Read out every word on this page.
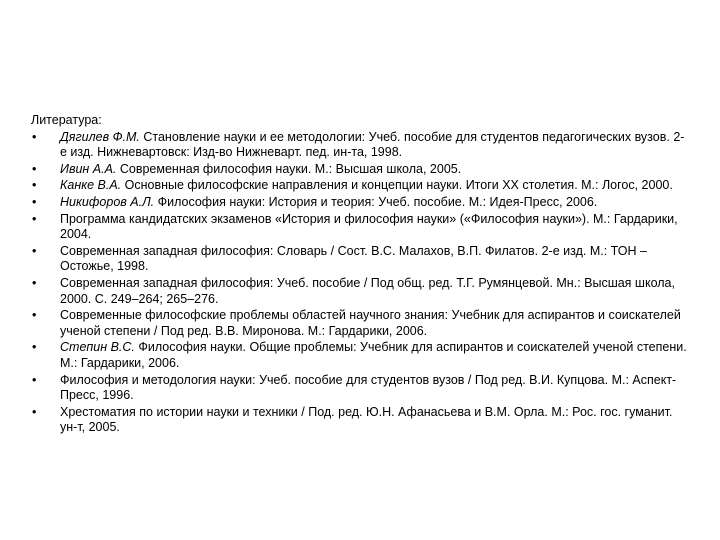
Литература:
• Дягилев Ф.М. Становление науки и ее методологии: Учеб. пособие для студентов педагогических вузов. 2-е изд. Нижневартовск: Изд-во Нижневарт. пед. ин-та, 1998.
• Ивин А.А. Современная философия науки. М.: Высшая школа, 2005.
• Канке В.А. Основные философские направления и концепции науки. Итоги XX столетия. М.: Логос, 2000.
• Никифоров А.Л. Философия науки: История и теория: Учеб. пособие. М.: Идея-Пресс, 2006.
• Программа кандидатских экзаменов «История и философия науки» («Философия науки»). М.: Гардарики, 2004.
• Современная западная философия: Словарь / Сост. В.С. Малахов, В.П. Филатов. 2-е изд. М.: ТОН – Остожье, 1998.
• Современная западная философия: Учеб. пособие / Под общ. ред. Т.Г. Румянцевой. Мн.: Высшая школа, 2000. С. 249–264; 265–276.
• Современные философские проблемы областей научного знания: Учебник для аспирантов и соискателей ученой степени / Под ред. В.В. Миронова. М.: Гардарики, 2006.
• Степин В.С. Философия науки. Общие проблемы: Учебник для аспирантов и соискателей ученой степени. М.: Гардарики, 2006.
• Философия и методология науки: Учеб. пособие для студентов вузов / Под ред. В.И. Купцова. М.: Аспект-Пресс, 1996.
• Хрестоматия по истории науки и техники / Под. ред. Ю.Н. Афанасьева и В.М. Орла. М.: Рос. гос. гуманит. ун-т, 2005.
